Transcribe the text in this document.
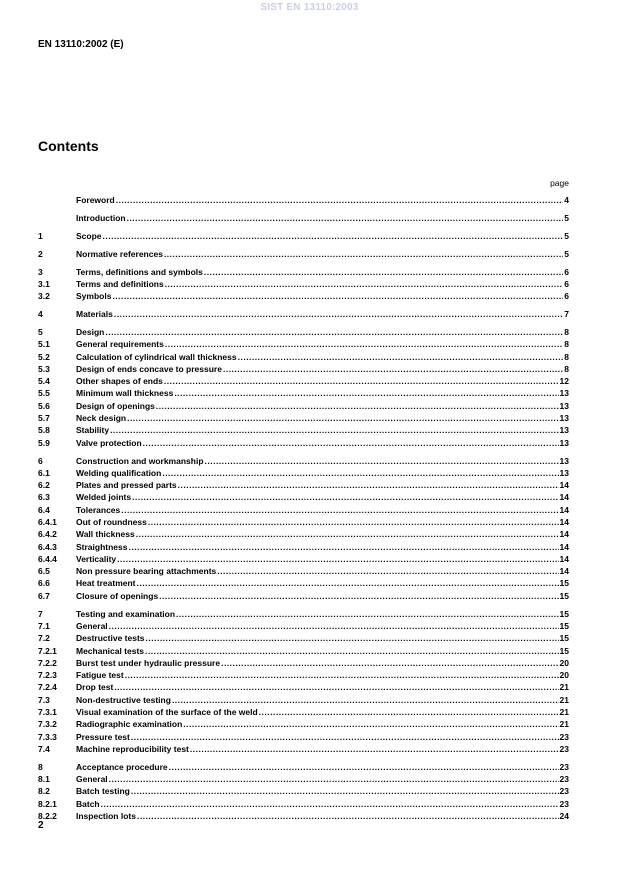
SIST EN 13110:2003
EN 13110:2002 (E)
Contents
page
Foreword .....	4
Introduction .....	5
1	Scope .....	5
2	Normative references .....	5
3	Terms, definitions and symbols .....	6
3.1	Terms and definitions .....	6
3.2	Symbols .....	6
4	Materials .....	7
5	Design .....	8
5.1	General requirements .....	8
5.2	Calculation of cylindrical wall thickness .....	8
5.3	Design of ends concave to pressure .....	8
5.4	Other shapes of ends .....	12
5.5	Minimum wall thickness .....	13
5.6	Design of openings .....	13
5.7	Neck design .....	13
5.8	Stability .....	13
5.9	Valve protection .....	13
6	Construction and workmanship .....	13
6.1	Welding qualification .....	13
6.2	Plates and pressed parts .....	14
6.3	Welded joints .....	14
6.4	Tolerances .....	14
6.4.1	Out of roundness .....	14
6.4.2	Wall thickness .....	14
6.4.3	Straightness .....	14
6.4.4	Verticality .....	14
6.5	Non pressure bearing attachments .....	14
6.6	Heat treatment .....	15
6.7	Closure of openings .....	15
7	Testing and examination .....	15
7.1	General .....	15
7.2	Destructive tests .....	15
7.2.1	Mechanical tests .....	15
7.2.2	Burst test under hydraulic pressure .....	20
7.2.3	Fatigue test .....	20
7.2.4	Drop test .....	21
7.3	Non-destructive testing .....	21
7.3.1	Visual examination of the surface of the weld .....	21
7.3.2	Radiographic examination .....	21
7.3.3	Pressure test .....	23
7.4	Machine reproducibility test .....	23
8	Acceptance procedure .....	23
8.1	General .....	23
8.2	Batch testing .....	23
8.2.1	Batch .....	23
8.2.2	Inspection lots .....	24
2
